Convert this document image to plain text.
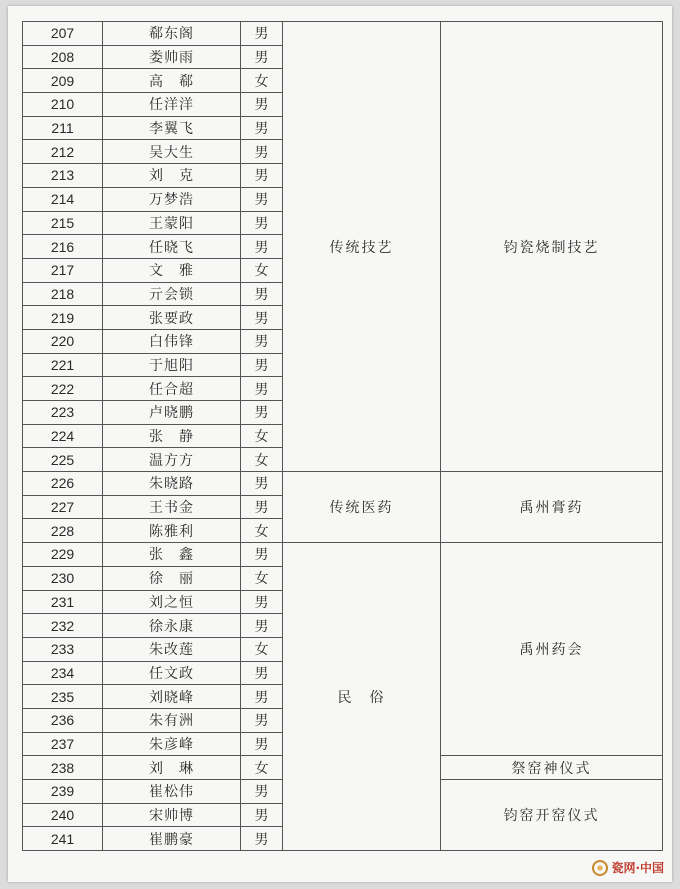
207	郗东阁	男	传统技艺	钧瓷烧制技艺
208	娄帅雨	男		
209	高　郗	女		
210	任洋洋	男		
211	李翼飞	男		
212	吴大生	男		
213	刘　克	男		
214	万梦浩	男		
215	王蒙阳	男		
216	任晓飞	男		
217	文　雅	女		
218	亓会锁	男		
219	张要政	男		
220	白伟锋	男		
221	于旭阳	男		
222	任合超	男		
223	卢晓鹏	男		
224	张　静	女		
225	温方方	女		
226	朱晓路	男	传统医药	禹州膏药
227	王书金	男		
228	陈雅利	女		
229	张　鑫	男	民　俗	禹州药会
230	徐　丽	女		
231	刘之恒	男		
232	徐永康	男		
233	朱改莲	女		
234	任文政	男		
235	刘晓峰	男		
236	朱有洲	男		
237	朱彦峰	男		
238	刘　琳	女		祭窑神仪式
239	崔松伟	男		钧窑开窑仪式
240	宋帅博	男		
241	崔鹏豪	男		
瓷网·中国
